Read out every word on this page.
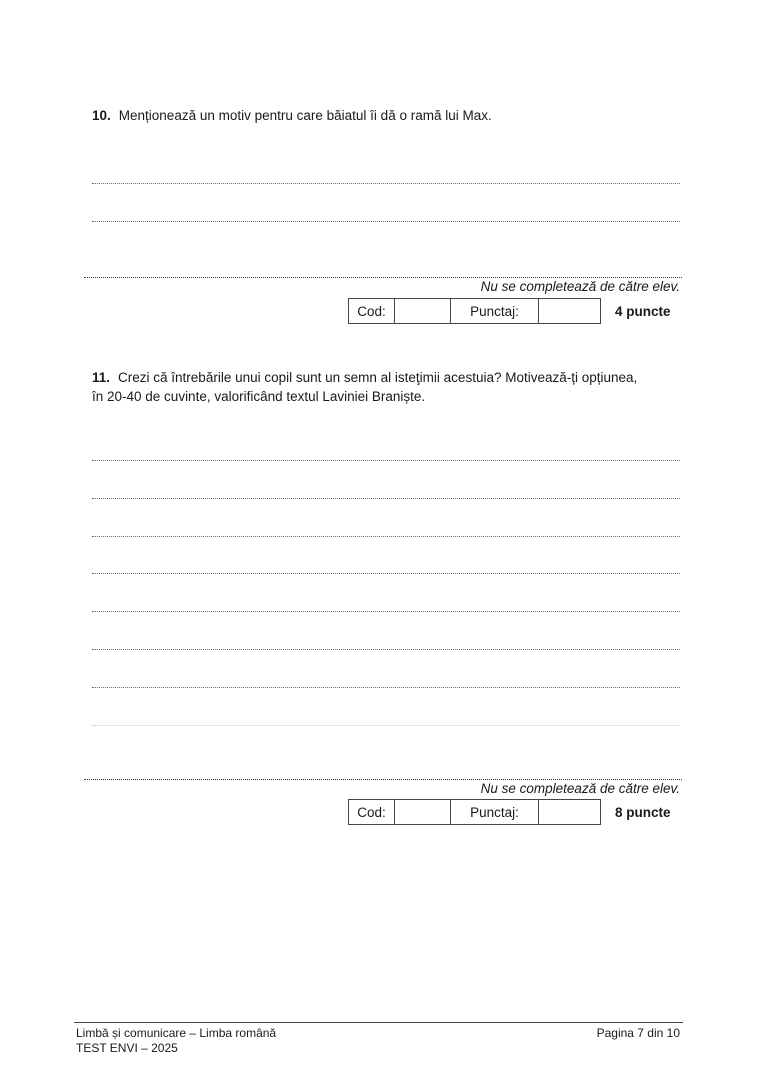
10. Menționează un motiv pentru care băiatul îi dă o ramă lui Max.
Nu se completează de către elev.
Cod:		Punctaj:		4 puncte
11. Crezi că întrebările unui copil sunt un semn al isteţimii acestuia? Motivează-ți opțiunea,
în 20-40 de cuvinte, valorificând textul Laviniei Braniște.
Nu se completează de către elev.
Cod:		Punctaj:		8 puncte
Limbă și comunicare – Limba română
TEST ENVI – 2025
Pagina 7 din 10
